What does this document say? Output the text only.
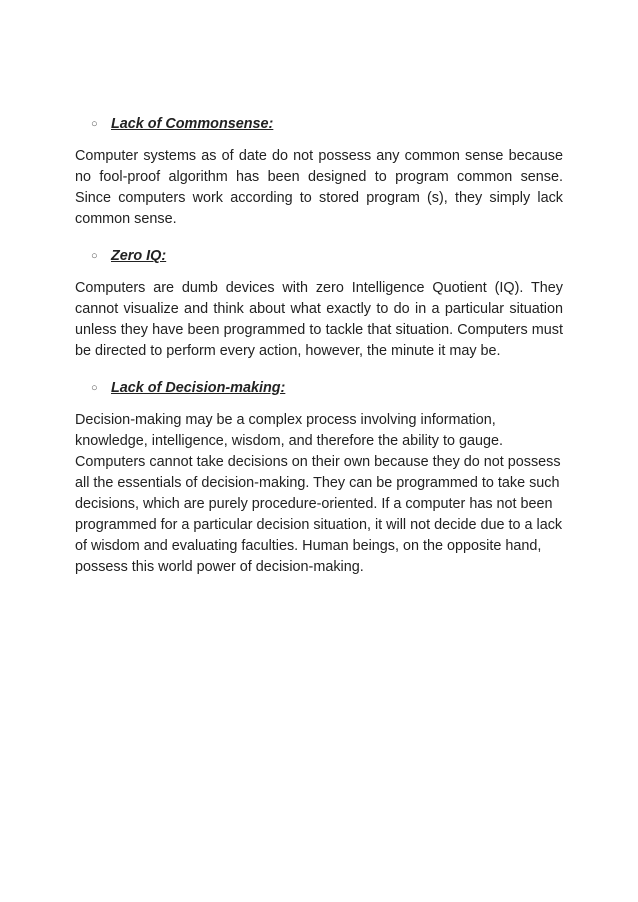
○ Lack of Commonsense:

Computer systems as of date do not possess any common sense because no fool-proof algorithm has been designed to program common sense. Since computers work according to stored program (s), they simply lack common sense.

○ Zero IQ:

Computers are dumb devices with zero Intelligence Quotient (IQ). They cannot visualize and think about what exactly to do in a particular situation unless they have been programmed to tackle that situation. Computers must be directed to perform every action, however, the minute it may be.

○ Lack of Decision-making:

Decision-making may be a complex process involving information, knowledge, intelligence, wisdom, and therefore the ability to gauge. Computers cannot take decisions on their own because they do not possess all the essentials of decision-making. They can be programmed to take such decisions, which are purely procedure-oriented. If a computer has not been programmed for a particular decision situation, it will not decide due to a lack of wisdom and evaluating faculties. Human beings, on the opposite hand, possess this world power of decision-making.
